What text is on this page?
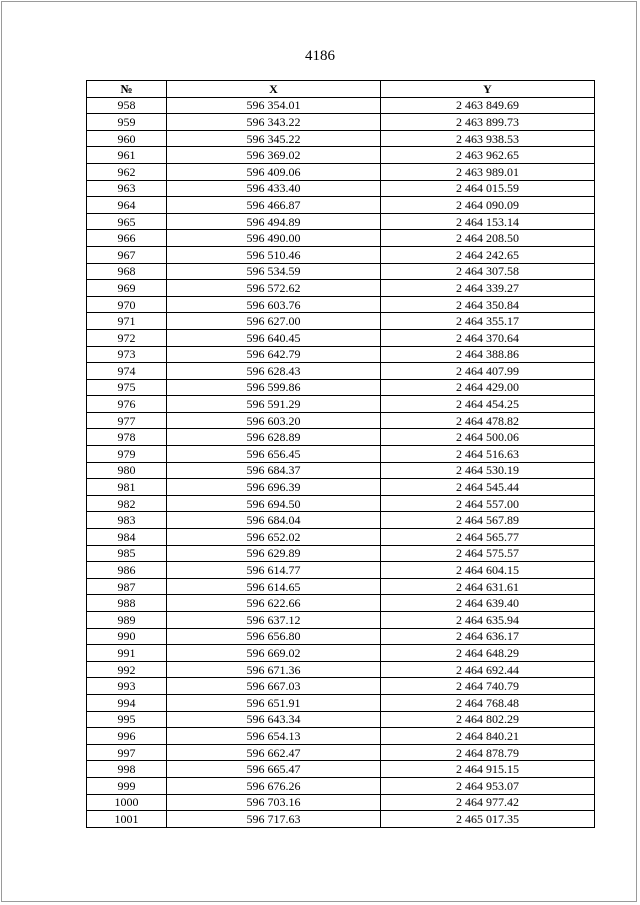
4186
№	X	Y
958	596 354.01	2 463 849.69
959	596 343.22	2 463 899.73
960	596 345.22	2 463 938.53
961	596 369.02	2 463 962.65
962	596 409.06	2 463 989.01
963	596 433.40	2 464 015.59
964	596 466.87	2 464 090.09
965	596 494.89	2 464 153.14
966	596 490.00	2 464 208.50
967	596 510.46	2 464 242.65
968	596 534.59	2 464 307.58
969	596 572.62	2 464 339.27
970	596 603.76	2 464 350.84
971	596 627.00	2 464 355.17
972	596 640.45	2 464 370.64
973	596 642.79	2 464 388.86
974	596 628.43	2 464 407.99
975	596 599.86	2 464 429.00
976	596 591.29	2 464 454.25
977	596 603.20	2 464 478.82
978	596 628.89	2 464 500.06
979	596 656.45	2 464 516.63
980	596 684.37	2 464 530.19
981	596 696.39	2 464 545.44
982	596 694.50	2 464 557.00
983	596 684.04	2 464 567.89
984	596 652.02	2 464 565.77
985	596 629.89	2 464 575.57
986	596 614.77	2 464 604.15
987	596 614.65	2 464 631.61
988	596 622.66	2 464 639.40
989	596 637.12	2 464 635.94
990	596 656.80	2 464 636.17
991	596 669.02	2 464 648.29
992	596 671.36	2 464 692.44
993	596 667.03	2 464 740.79
994	596 651.91	2 464 768.48
995	596 643.34	2 464 802.29
996	596 654.13	2 464 840.21
997	596 662.47	2 464 878.79
998	596 665.47	2 464 915.15
999	596 676.26	2 464 953.07
1000	596 703.16	2 464 977.42
1001	596 717.63	2 465 017.35
